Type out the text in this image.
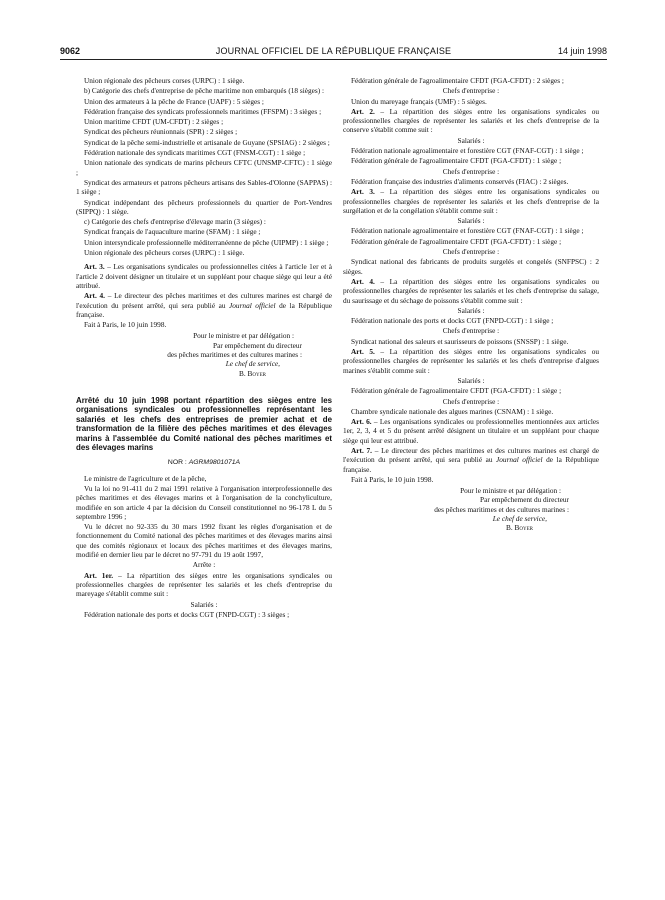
9062	JOURNAL OFFICIEL DE LA RÉPUBLIQUE FRANÇAISE	14 juin 1998

Union régionale des pêcheurs corses (URPC) : 1 siège.

b) Catégorie des chefs d'entreprise de pêche maritime non embarqués (18 sièges) :

Union des armateurs à la pêche de France (UAPF) : 5 sièges ;

Fédération française des syndicats professionnels maritimes (FFSPM) : 3 sièges ;

Union maritime CFDT (UM-CFDT) : 2 sièges ;

Syndicat des pêcheurs réunionnais (SPR) : 2 sièges ;

Syndicat de la pêche semi-industrielle et artisanale de Guyane (SPSIAG) : 2 sièges ;

Fédération nationale des syndicats maritimes CGT (FNSM-CGT) : 1 siège ;

Union nationale des syndicats de marins pêcheurs CFTC (UNSMP-CFTC) : 1 siège ;

Syndicat des armateurs et patrons pêcheurs artisans des Sables-d'Olonne (SAPPAS) : 1 siège ;

Syndicat indépendant des pêcheurs professionnels du quartier de Port-Vendres (SIPPQ) : 1 siège.

c) Catégorie des chefs d'entreprise d'élevage marin (3 sièges) :

Syndicat français de l'aquaculture marine (SFAM) : 1 siège ;

Union intersyndicale professionnelle méditerranéenne de pêche (UIPMP) : 1 siège ;

Union régionale des pêcheurs corses (URPC) : 1 siège.

Art. 3. – Les organisations syndicales ou professionnelles citées à l'article 1er et à l'article 2 doivent désigner un titulaire et un suppléant pour chaque siège qui leur a été attribué.

Art. 4. – Le directeur des pêches maritimes et des cultures marines est chargé de l'exécution du présent arrêté, qui sera publié au Journal officiel de la République française.

Fait à Paris, le 10 juin 1998.

Pour le ministre et par délégation :
Par empêchement du directeur
des pêches maritimes et des cultures marines :
Le chef de service,
B. Boyer
Arrêté du 10 juin 1998 portant répartition des sièges entre les organisations syndicales ou professionnelles représentant les salariés et les chefs des entreprises de premier achat et de transformation de la filière des pêches maritimes et des élevages marins à l'assemblée du Comité national des pêches maritimes et des élevages marins
NOR : AGRM9801071A

Le ministre de l'agriculture et de la pêche,

Vu la loi no 91-411 du 2 mai 1991 relative à l'organisation interprofessionnelle des pêches maritimes et des élevages marins et à l'organisation de la conchyliculture, modifiée en son article 4 par la décision du Conseil constitutionnel no 96-178 L du 5 septembre 1996 ;

Vu le décret no 92-335 du 30 mars 1992 fixant les règles d'organisation et de fonctionnement du Comité national des pêches maritimes et des élevages marins ainsi que des comités régionaux et locaux des pêches maritimes et des élevages marins, modifié en dernier lieu par le décret no 97-791 du 19 août 1997,

Arrête :

Art. 1er. – La répartition des sièges entre les organisations syndicales ou professionnelles chargées de représenter les salariés et les chefs d'entreprise du mareyage s'établit comme suit :

Salariés :

Fédération nationale des ports et docks CGT (FNPD-CGT) : 3 sièges ;

Fédération générale de l'agroalimentaire CFDT (FGA-CFDT) : 2 sièges ;

Chefs d'entreprise :

Union du mareyage français (UMF) : 5 sièges.

Art. 2. – La répartition des sièges entre les organisations syndicales ou professionnelles chargées de représenter les salariés et les chefs d'entreprise de la conserve s'établit comme suit :

Salariés :

Fédération nationale agroalimentaire et forestière CGT (FNAF-CGT) : 1 siège ;

Fédération générale de l'agroalimentaire CFDT (FGA-CFDT) : 1 siège ;

Chefs d'entreprise :

Fédération française des industries d'aliments conservés (FIAC) : 2 sièges.

Art. 3. – La répartition des sièges entre les organisations syndicales ou professionnelles chargées de représenter les salariés et les chefs d'entreprise de la surgélation et de la congélation s'établit comme suit :

Salariés :

Fédération nationale agroalimentaire et forestière CGT (FNAF-CGT) : 1 siège ;

Fédération générale de l'agroalimentaire CFDT (FGA-CFDT) : 1 siège ;

Chefs d'entreprise :

Syndicat national des fabricants de produits surgelés et congelés (SNFPSC) : 2 sièges.

Art. 4. – La répartition des sièges entre les organisations syndicales ou professionnelles chargées de représenter les salariés et les chefs d'entreprise du salage, du saurissage et du séchage de poissons s'établit comme suit :

Salariés :

Fédération nationale des ports et docks CGT (FNPD-CGT) : 1 siège ;

Chefs d'entreprise :

Syndicat national des saleurs et saurisseurs de poissons (SNSSP) : 1 siège.

Art. 5. – La répartition des sièges entre les organisations syndicales ou professionnelles chargées de représenter les salariés et les chefs d'entreprise d'algues marines s'établit comme suit :

Salariés :

Fédération générale de l'agroalimentaire CFDT (FGA-CFDT) : 1 siège ;

Chefs d'entreprise :

Chambre syndicale nationale des algues marines (CSNAM) : 1 siège.

Art. 6. – Les organisations syndicales ou professionnelles mentionnées aux articles 1er, 2, 3, 4 et 5 du présent arrêté désignent un titulaire et un suppléant pour chaque siège qui leur est attribué.

Art. 7. – Le directeur des pêches maritimes et des cultures marines est chargé de l'exécution du présent arrêté, qui sera publié au Journal officiel de la République française.

Fait à Paris, le 10 juin 1998.

Pour le ministre et par délégation :
Par empêchement du directeur
des pêches maritimes et des cultures marines :
Le chef de service,
B. Boyer
